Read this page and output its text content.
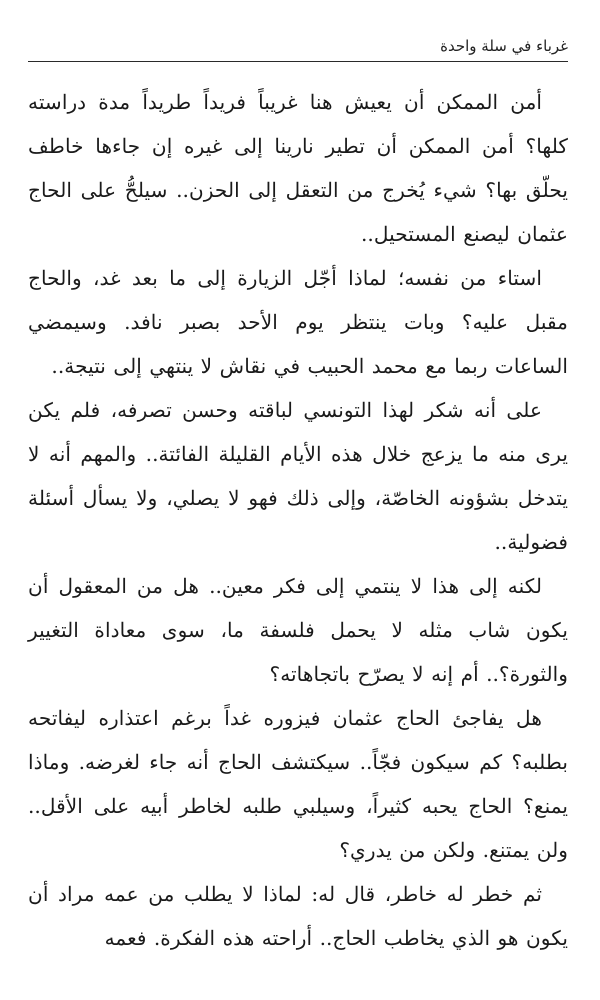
غرباء في سلة واحدة

أمن الممكن أن يعيش هنا غريباً فريداً طريداً مدة دراسته كلها؟ أمن الممكن أن تطير نارينا إلى غيره إن جاءها خاطف يحلّق بها؟ شيء يُخرج من التعقل إلى الحزن.. سيلحُّ على الحاج عثمان ليصنع المستحيل..

استاء من نفسه؛ لماذا أجّل الزيارة إلى ما بعد غد، والحاج مقبل عليه؟ وبات ينتظر يوم الأحد بصبر نافد. وسيمضي الساعات ربما مع محمد الحبيب في نقاش لا ينتهي إلى نتيجة..

على أنه شكر لهذا التونسي لباقته وحسن تصرفه، فلم يكن يرى منه ما يزعج خلال هذه الأيام القليلة الفائتة.. والمهم أنه لا يتدخل بشؤونه الخاصّة، وإلى ذلك فهو لا يصلي، ولا يسأل أسئلة فضولية..

لكنه إلى هذا لا ينتمي إلى فكر معين.. هل من المعقول أن يكون شاب مثله لا يحمل فلسفة ما، سوى معاداة التغيير والثورة؟.. أم إنه لا يصرّح باتجاهاته؟

هل يفاجئ الحاج عثمان فيزوره غداً برغم اعتذاره ليفاتحه بطلبه؟ كم سيكون فجّاً.. سيكتشف الحاج أنه جاء لغرضه. وماذا يمنع؟ الحاج يحبه كثيراً، وسيلبي طلبه لخاطر أبيه على الأقل.. ولن يمتنع. ولكن من يدري؟

ثم خطر له خاطر، قال له: لماذا لا يطلب من عمه مراد أن يكون هو الذي يخاطب الحاج.. أراحته هذه الفكرة. فعمه
